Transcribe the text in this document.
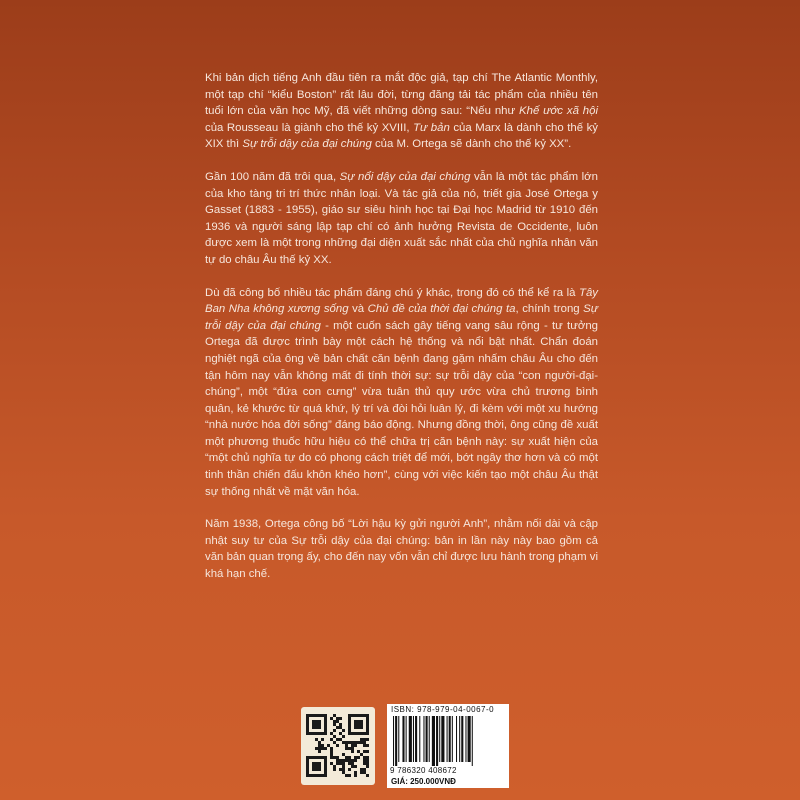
Khi bản dịch tiếng Anh đầu tiên ra mắt độc giả, tạp chí The Atlantic Monthly, một tạp chí “kiểu Boston” rất lâu đời, từng đăng tải tác phẩm của nhiều tên tuổi lớn của văn học Mỹ, đã viết những dòng sau: “Nếu như Khế ước xã hội của Rousseau là giành cho thế kỷ XVIII, Tư bản của Marx là dành cho thế kỷ XIX thì Sự trỗi dậy của đại chúng của M. Ortega sẽ dành cho thế kỷ XX”.

Gần 100 năm đã trôi qua, Sự nổi dậy của đại chúng vẫn là một tác phẩm lớn của kho tàng tri trí thức nhân loại. Và tác giả của nó, triết gia José Ortega y Gasset (1883 - 1955), giáo sư siêu hình học tại Đại học Madrid từ 1910 đến 1936 và người sáng lập tạp chí có ảnh hưởng Revista de Occidente, luôn được xem là một trong những đại diện xuất sắc nhất của chủ nghĩa nhân văn tự do châu Âu thế kỷ XX.

Dù đã công bố nhiều tác phẩm đáng chú ý khác, trong đó có thể kể ra là Tây Ban Nha không xương sống và Chủ đề của thời đại chúng ta, chính trong Sự trỗi dậy của đại chúng - một cuốn sách gây tiếng vang sâu rộng - tư tưởng Ortega đã được trình bày một cách hệ thống và nổi bật nhất. Chẩn đoán nghiệt ngã của ông về bản chất căn bệnh đang gặm nhấm châu Âu cho đến tận hôm nay vẫn không mất đi tính thời sự: sự trỗi dậy của “con người-đại-chúng”, một “đứa con cưng” vừa tuân thủ quy ước vừa chủ trương bình quân, kẻ khước từ quá khứ, lý trí và đòi hỏi luân lý, đi kèm với một xu hướng “nhà nước hóa đời sống” đáng báo động. Nhưng đồng thời, ông cũng đề xuất một phương thuốc hữu hiệu có thể chữa trị căn bệnh này: sự xuất hiện của “một chủ nghĩa tự do có phong cách triệt để mới, bớt ngây thơ hơn và có một tinh thần chiến đấu khôn khéo hơn”, cùng với việc kiến tạo một châu Âu thật sự thống nhất về mặt văn hóa.

Năm 1938, Ortega công bố “Lời hậu kỳ gửi người Anh”, nhằm nối dài và cập nhật suy tư của Sự trỗi dậy của đại chúng: bản in lần này này bao gồm cả văn bản quan trọng ấy, cho đến nay vốn vẫn chỉ được lưu hành trong phạm vi khá hạn chế.

ISBN: 978-979-04-0067-0
9 786320 408672
GIÁ: 250.000VNĐ
